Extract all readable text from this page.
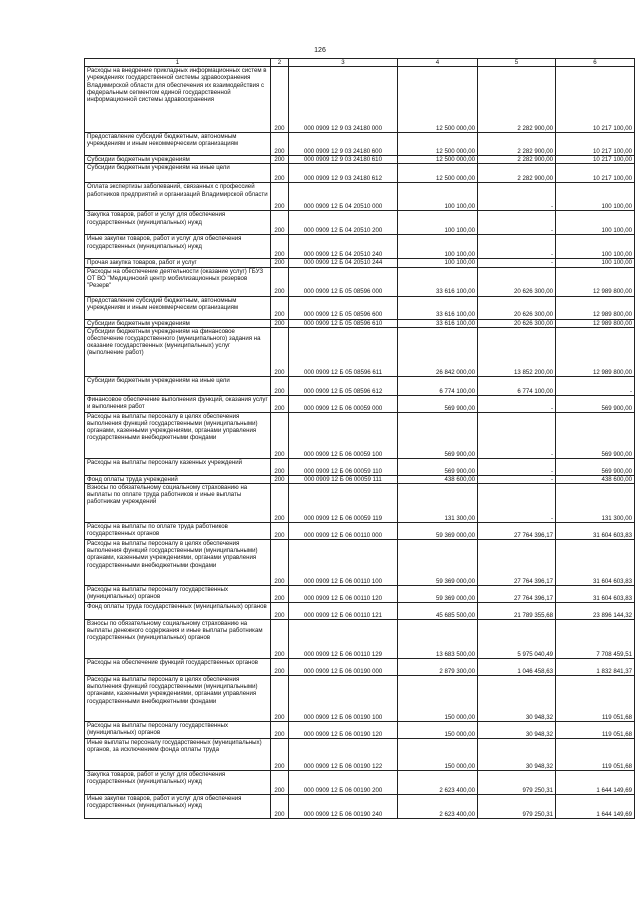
126
1	2	3	4	5	6
Расходы на внедрение прикладных информационных систем в учреждениях государственной системы здравоохранения Владимирской области для обеспечения их взаимодействия с федеральным сегментом единой государственной информационной системы здравоохранения	200	000 0909 12 9 03 24180 000	12 500 000,00	2 282 900,00	10 217 100,00
Предоставление субсидий бюджетным, автономным учреждениям и иным некоммерческим организациям	200	000 0909 12 9 03 24180 600	12 500 000,00	2 282 900,00	10 217 100,00
Субсидии бюджетным учреждениям	200	000 0909 12 9 03 24180 610	12 500 000,00	2 282 900,00	10 217 100,00
Субсидии бюджетным учреждениям на иные цели	200	000 0909 12 9 03 24180 612	12 500 000,00	2 282 900,00	10 217 100,00
Оплата экспертизы заболеваний, связанных с профессией работников предприятий и организаций Владимирской области	200	000 0909 12 Б 04 20510 000	100 100,00	-	100 100,00
Закупка товаров, работ и услуг для обеспечения государственных (муниципальных) нужд	200	000 0909 12 Б 04 20510 200	100 100,00	-	100 100,00
Иные закупки товаров, работ и услуг для обеспечения государственных (муниципальных) нужд	200	000 0909 12 Б 04 20510 240	100 100,00	-	100 100,00
Прочая закупка товаров, работ и услуг	200	000 0909 12 Б 04 20510 244	100 100,00	-	100 100,00
Расходы на обеспечение деятельности (оказание услуг) ГБУЗ ОТ ВО "Медицинский центр мобилизационных резервов "Резерв"	200	000 0909 12 Б 05 08596 000	33 616 100,00	20 626 300,00	12 989 800,00
Предоставление субсидий бюджетным, автономным учреждениям и иным некоммерческим организациям	200	000 0909 12 Б 05 08596 600	33 616 100,00	20 626 300,00	12 989 800,00
Субсидии бюджетным учреждениям	200	000 0909 12 Б 05 08596 610	33 616 100,00	20 626 300,00	12 989 800,00
Субсидии бюджетным учреждениям на финансовое обеспечение государственного (муниципального) задания на оказание государственных (муниципальных) услуг (выполнение работ)	200	000 0909 12 Б 05 08596 611	26 842 000,00	13 852 200,00	12 989 800,00
Субсидии бюджетным учреждениям на иные цели	200	000 0909 12 Б 05 08596 612	6 774 100,00	6 774 100,00	-
Финансовое обеспечение выполнения функций, оказания услуг и выполнения работ	200	000 0909 12 Б 06 00059 000	569 900,00	-	569 900,00
Расходы на выплаты персоналу в целях обеспечения выполнения функций государственными (муниципальными) органами, казенными учреждениями, органами управления государственными внебюджетными фондами	200	000 0909 12 Б 06 00059 100	569 900,00	-	569 900,00
Расходы на выплаты персоналу казенных учреждений	200	000 0909 12 Б 06 00059 110	569 900,00	-	569 900,00
Фонд оплаты труда учреждений	200	000 0909 12 Б 06 00059 111	438 600,00	-	438 600,00
Взносы по обязательному социальному страхованию на выплаты по оплате труда работников и иные выплаты работникам учреждений	200	000 0909 12 Б 06 00059 119	131 300,00	-	131 300,00
Расходы на выплаты по оплате труда работников государственных органов	200	000 0909 12 Б 06 00110 000	59 369 000,00	27 764 396,17	31 604 603,83
Расходы на выплаты персоналу в целях обеспечения выполнения функций государственными (муниципальными) органами, казенными учреждениями, органами управления государственными внебюджетными фондами	200	000 0909 12 Б 06 00110 100	59 369 000,00	27 764 396,17	31 604 603,83
Расходы на выплаты персоналу государственных (муниципальных) органов	200	000 0909 12 Б 06 00110 120	59 369 000,00	27 764 396,17	31 604 603,83
Фонд оплаты труда государственных (муниципальных) органов	200	000 0909 12 Б 06 00110 121	45 685 500,00	21 789 355,68	23 896 144,32
Взносы по обязательному социальному страхованию на выплаты денежного содержания и иные выплаты работникам государственных (муниципальных) органов	200	000 0909 12 Б 06 00110 129	13 683 500,00	5 975 040,49	7 708 459,51
Расходы на обеспечение функций государственных органов	200	000 0909 12 Б 06 00190 000	2 879 300,00	1 046 458,63	1 832 841,37
Расходы на выплаты персоналу в целях обеспечения выполнения функций государственными (муниципальными) органами, казенными учреждениями, органами управления государственными внебюджетными фондами	200	000 0909 12 Б 06 00190 100	150 000,00	30 948,32	119 051,68
Расходы на выплаты персоналу государственных (муниципальных) органов	200	000 0909 12 Б 06 00190 120	150 000,00	30 948,32	119 051,68
Иные выплаты персоналу государственных (муниципальных) органов, за исключением фонда оплаты труда	200	000 0909 12 Б 06 00190 122	150 000,00	30 948,32	119 051,68
Закупка товаров, работ и услуг для обеспечения государственных (муниципальных) нужд	200	000 0909 12 Б 06 00190 200	2 623 400,00	979 250,31	1 644 149,69
Иные закупки товаров, работ и услуг для обеспечения государственных (муниципальных) нужд	200	000 0909 12 Б 06 00190 240	2 623 400,00	979 250,31	1 644 149,69
